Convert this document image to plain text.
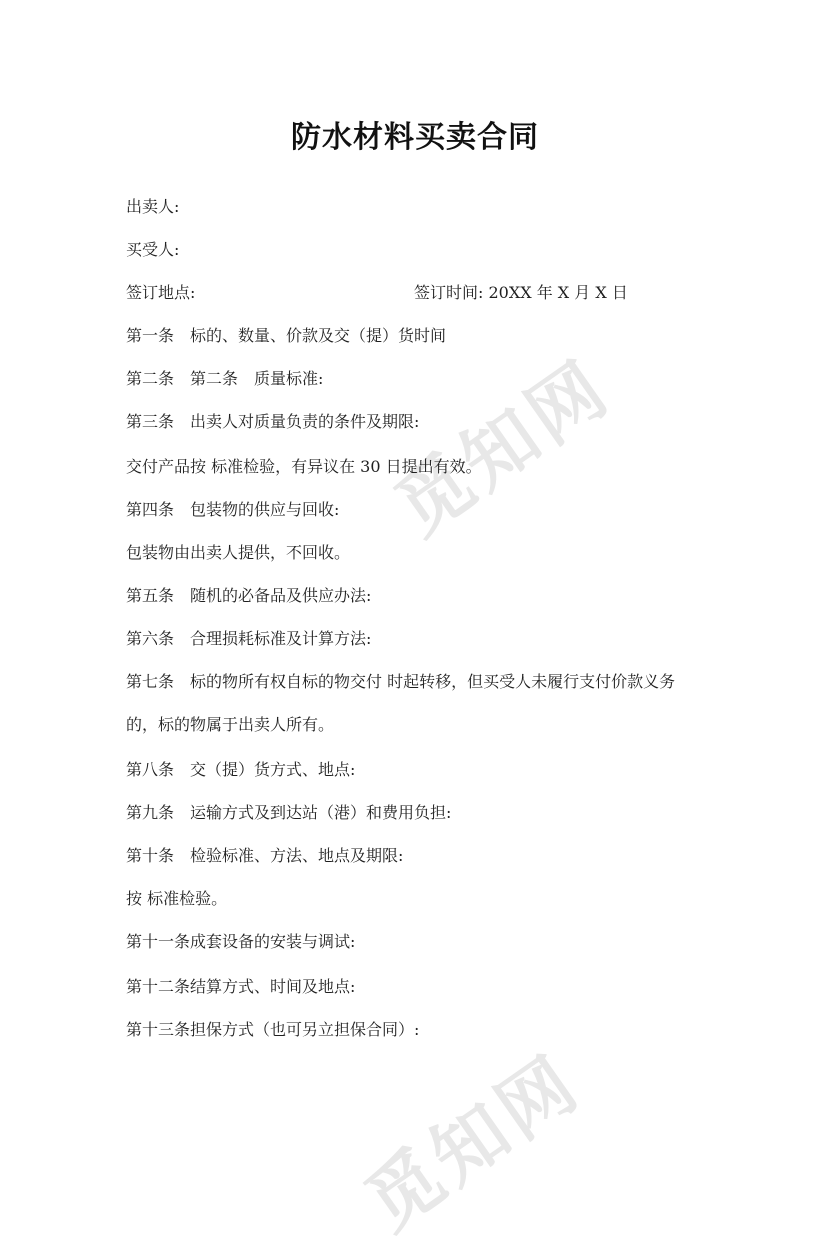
觅知网
觅知网
防水材料买卖合同
出卖人:
买受人:
签订地点:	签订时间: 20XX 年 X 月 X 日
第一条　标的、数量、价款及交（提）货时间
第二条　第二条　质量标准:
第三条　出卖人对质量负责的条件及期限:
交付产品按 标准检验，有异议在 30 日提出有效。
第四条　包装物的供应与回收:
包装物由出卖人提供，不回收。
第五条　随机的必备品及供应办法:
第六条　合理损耗标准及计算方法:
第七条　标的物所有权自标的物交付 时起转移，但买受人未履行支付价款义务
的，标的物属于出卖人所有。
第八条　交（提）货方式、地点:
第九条　运输方式及到达站（港）和费用负担:
第十条　检验标准、方法、地点及期限:
按 标准检验。
第十一条成套设备的安装与调试:
第十二条结算方式、时间及地点:
第十三条担保方式（也可另立担保合同）:
